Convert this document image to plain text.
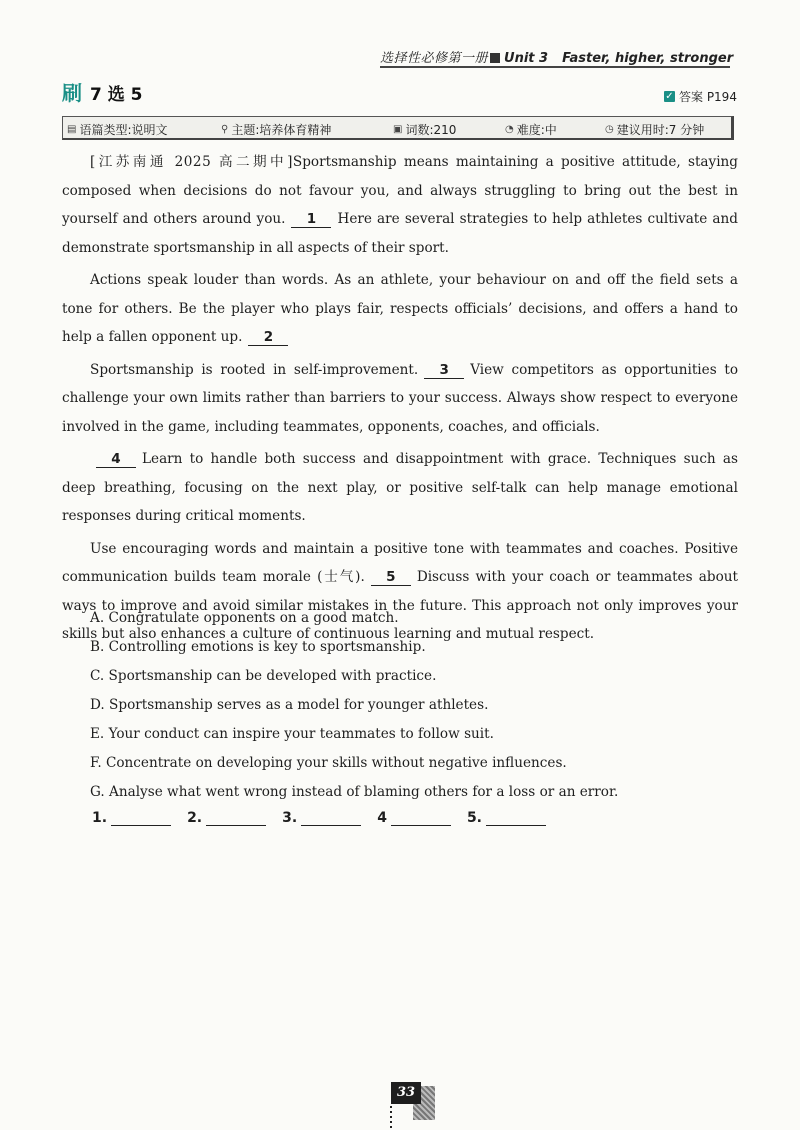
选择性必修第一册 Unit 3 Faster, higher, stronger
刷 7 选 5	✓ 答案 P194
▤ 语篇类型:说明文	⚲ 主题:培养体育精神	▣ 词数:210	◔ 难度:中	◷ 建议用时:7 分钟

[江苏南通 2025 高二期中]Sportsmanship means maintaining a positive attitude, staying composed when decisions do not favour you, and always struggling to bring out the best in yourself and others around you. 1 Here are several strategies to help athletes cultivate and demonstrate sportsmanship in all aspects of their sport.

Actions speak louder than words. As an athlete, your behaviour on and off the field sets a tone for others. Be the player who plays fair, respects officials’ decisions, and offers a hand to help a fallen opponent up. 2

Sportsmanship is rooted in self-improvement. 3 View competitors as opportunities to challenge your own limits rather than barriers to your success. Always show respect to everyone involved in the game, including teammates, opponents, coaches, and officials.

4 Learn to handle both success and disappointment with grace. Techniques such as deep breathing, focusing on the next play, or positive self-talk can help manage emotional responses during critical moments.

Use encouraging words and maintain a positive tone with teammates and coaches. Positive communication builds team morale (士气). 5 Discuss with your coach or teammates about ways to improve and avoid similar mistakes in the future. This approach not only improves your skills but also enhances a culture of continuous learning and mutual respect.

A. Congratulate opponents on a good match.
B. Controlling emotions is key to sportsmanship.
C. Sportsmanship can be developed with practice.
D. Sportsmanship serves as a model for younger athletes.
E. Your conduct can inspire your teammates to follow suit.
F. Concentrate on developing your skills without negative influences.
G. Analyse what went wrong instead of blaming others for a loss or an error.
1.	2.	3.	4	5.
33
